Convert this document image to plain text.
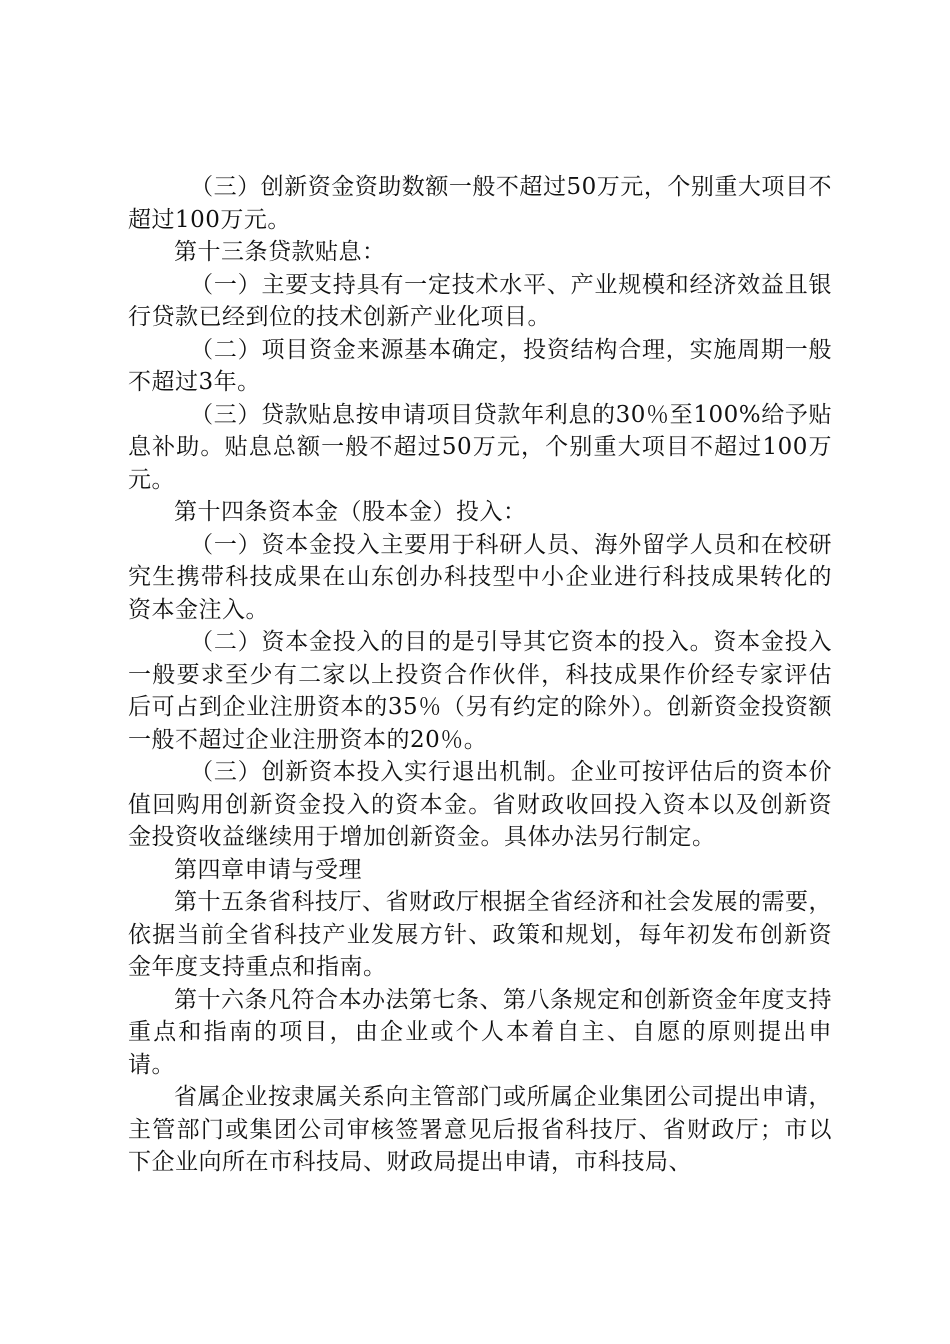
（三）创新资金资助数额一般不超过50万元，个别重大项目不超过100万元。

第十三条贷款贴息：

（一）主要支持具有一定技术水平、产业规模和经济效益且银行贷款已经到位的技术创新产业化项目。

（二）项目资金来源基本确定，投资结构合理，实施周期一般不超过3年。

（三）贷款贴息按申请项目贷款年利息的30％至100%给予贴息补助。贴息总额一般不超过50万元，个别重大项目不超过100万元。

第十四条资本金（股本金）投入：

（一）资本金投入主要用于科研人员、海外留学人员和在校研究生携带科技成果在山东创办科技型中小企业进行科技成果转化的资本金注入。

（二）资本金投入的目的是引导其它资本的投入。资本金投入一般要求至少有二家以上投资合作伙伴，科技成果作价经专家评估后可占到企业注册资本的35％（另有约定的除外）。创新资金投资额一般不超过企业注册资本的20％。

（三）创新资本投入实行退出机制。企业可按评估后的资本价值回购用创新资金投入的资本金。省财政收回投入资本以及创新资金投资收益继续用于增加创新资金。具体办法另行制定。

第四章申请与受理

第十五条省科技厅、省财政厅根据全省经济和社会发展的需要，依据当前全省科技产业发展方针、政策和规划，每年初发布创新资金年度支持重点和指南。

第十六条凡符合本办法第七条、第八条规定和创新资金年度支持重点和指南的项目，由企业或个人本着自主、自愿的原则提出申请。

省属企业按隶属关系向主管部门或所属企业集团公司提出申请，主管部门或集团公司审核签署意见后报省科技厅、省财政厅；市以下企业向所在市科技局、财政局提出申请，市科技局、
